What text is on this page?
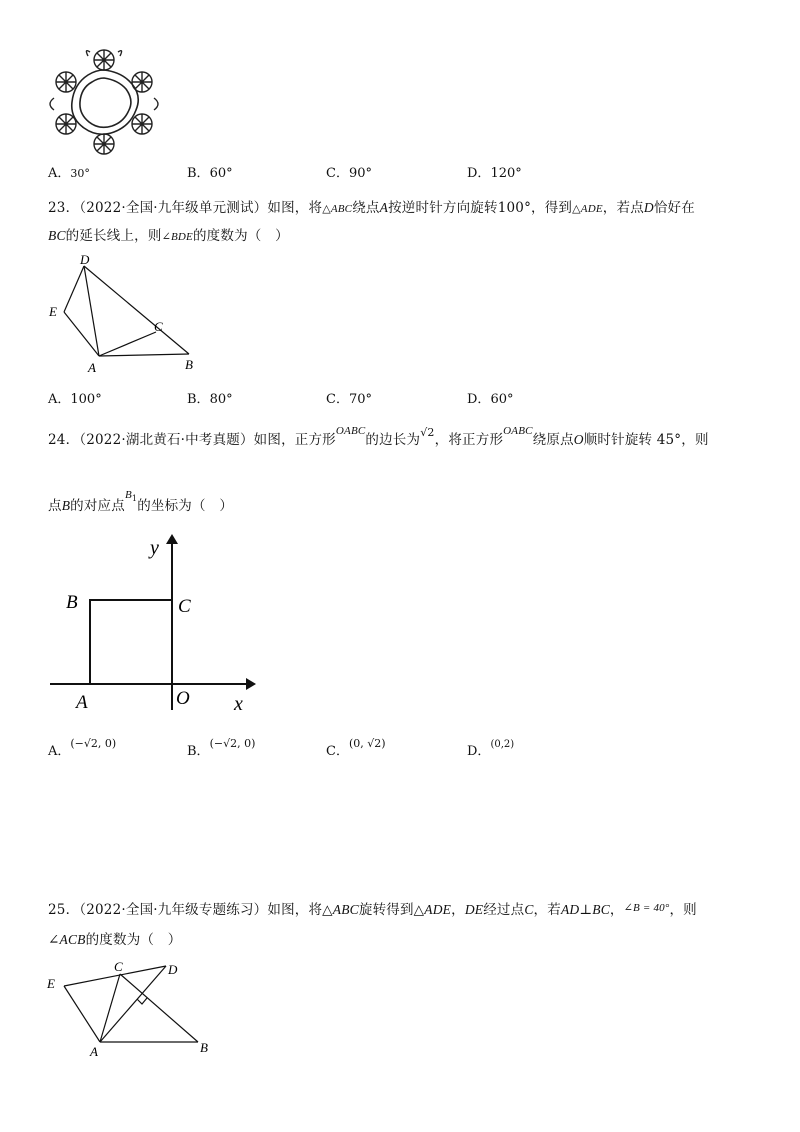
A．30°	B．60°	C．90°	D．120°
23．（2022·全国·九年级单元测试）如图，将△ABC绕点A按逆时针方向旋转100°，得到△ADE，若点D恰好在
BC的延长线上，则∠BDE的度数为（　）
D
E
C
A	B
A．100°	B．80°	C．70°	D．60°
24．（2022·湖北黄石·中考真题）如图，正方形$^{OABC}$的边长为$^{√2}$，将正方形$^{OABC}$绕原点O顺时针旋转 45°，则
点B的对应点$^{B1}$的坐标为（　）
y
x
B	C
A	O
A．$^{(-√2, 0)}$
B．$^{(-√2, 0)}$
C．$^{(0, √2)}$
D．$^{(0,2)}$
25．（2022·全国·九年级专题练习）如图，将△ABC旋转得到△ADE，DE经过点C，若AD⊥BC，$^{\angle B = 40^\circ}$，则
∠ACB的度数为（　）
E
C	D
A	B
